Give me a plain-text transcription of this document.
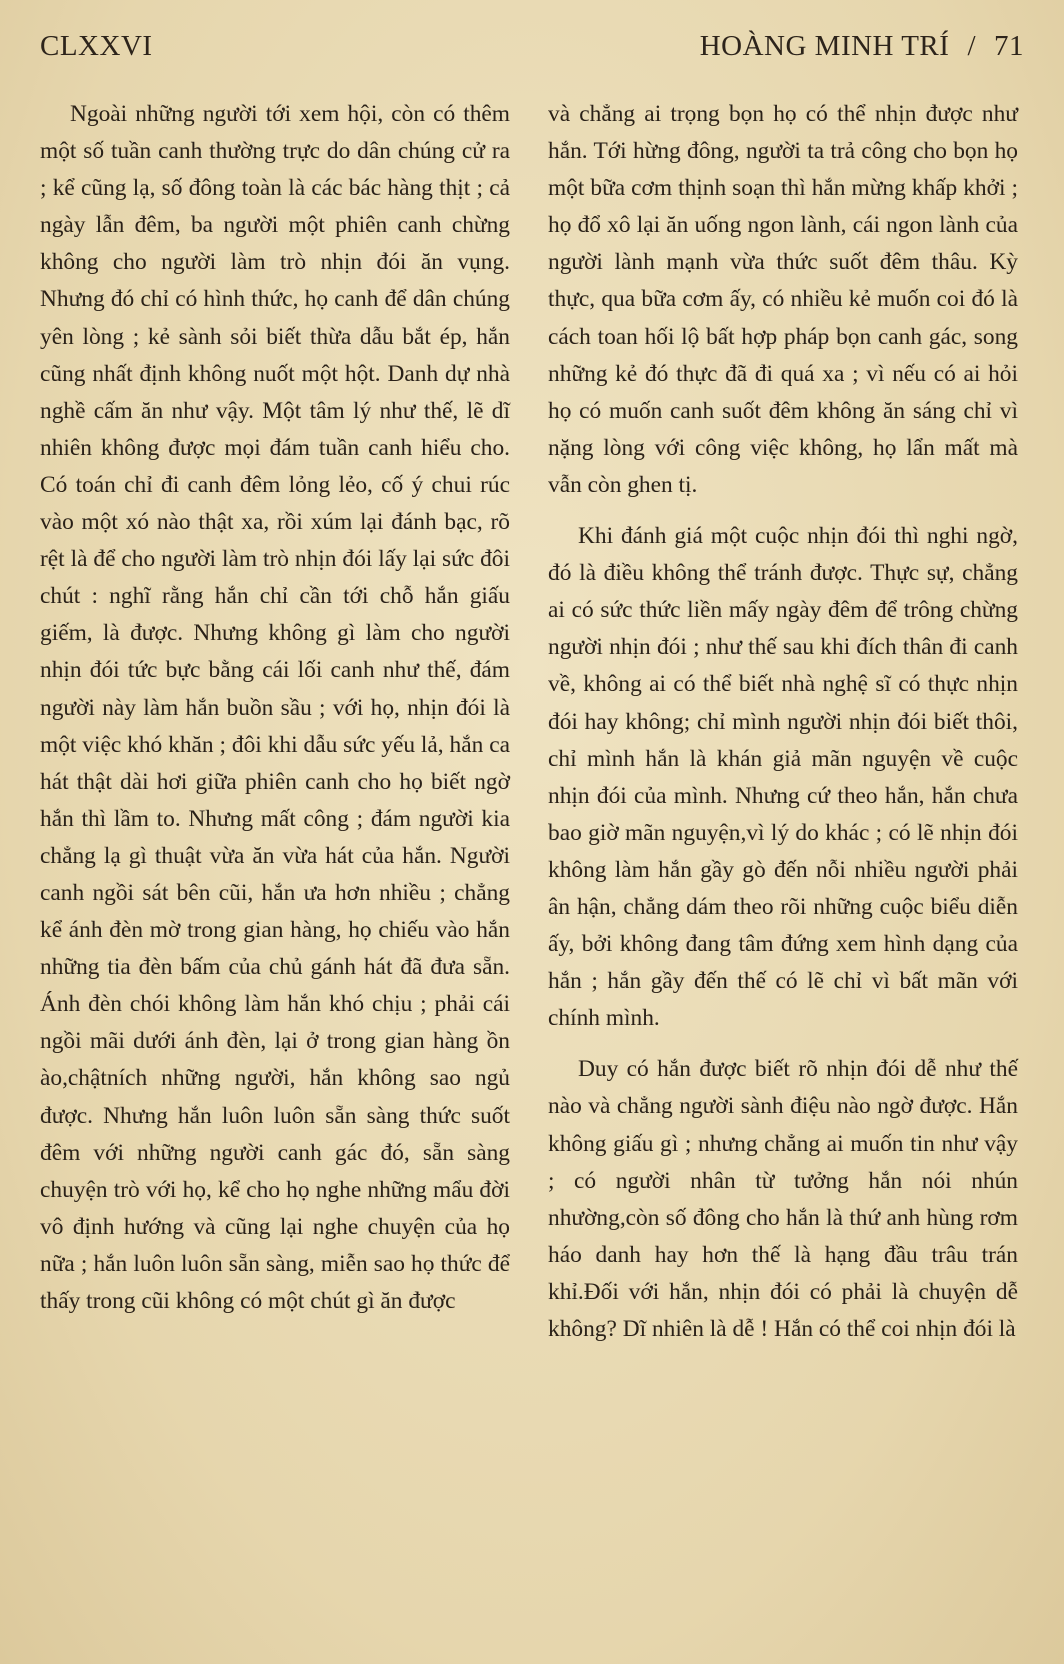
CLXXVI	HOÀNG MINH TRÍ / 71

Ngoài những người tới xem hội, còn có thêm một số tuần canh thường trực do dân chúng cử ra ; kể cũng lạ, số đông toàn là các bác hàng thịt ; cả ngày lẫn đêm, ba người một phiên canh chừng không cho người làm trò nhịn đói ăn vụng. Nhưng đó chỉ có hình thức, họ canh để dân chúng yên lòng ; kẻ sành sỏi biết thừa dẫu bắt ép, hắn cũng nhất định không nuốt một hột. Danh dự nhà nghề cấm ăn như vậy. Một tâm lý như thế, lẽ dĩ nhiên không được mọi đám tuần canh hiểu cho. Có toán chỉ đi canh đêm lỏng lẻo, cố ý chui rúc vào một xó nào thật xa, rồi xúm lại đánh bạc, rõ rệt là để cho người làm trò nhịn đói lấy lại sức đôi chút : nghĩ rằng hắn chỉ cần tới chỗ hắn giấu giếm, là được. Nhưng không gì làm cho người nhịn đói tức bực bằng cái lối canh như thế, đám người này làm hắn buồn sầu ; với họ, nhịn đói là một việc khó khăn ; đôi khi dẫu sức yếu lả, hắn ca hát thật dài hơi giữa phiên canh cho họ biết ngờ hắn thì lầm to. Nhưng mất công ; đám người kia chẳng lạ gì thuật vừa ăn vừa hát của hắn. Người canh ngồi sát bên cũi, hắn ưa hơn nhiều ; chẳng kể ánh đèn mờ trong gian hàng, họ chiếu vào hắn những tia đèn bấm của chủ gánh hát đã đưa sẵn. Ánh đèn chói không làm hắn khó chịu ; phải cái ngồi mãi dưới ánh đèn, lại ở trong gian hàng ồn ào,chậtních những người, hắn không sao ngủ được. Nhưng hắn luôn luôn sẵn sàng thức suốt đêm với những người canh gác đó, sẵn sàng chuyện trò với họ, kể cho họ nghe những mẩu đời vô định hướng và cũng lại nghe chuyện của họ nữa ; hắn luôn luôn sẵn sàng, miễn sao họ thức để thấy trong cũi không có một chút gì ăn được

và chẳng ai trọng bọn họ có thể nhịn được như hắn. Tới hừng đông, người ta trả công cho bọn họ một bữa cơm thịnh soạn thì hắn mừng khấp khởi ; họ đổ xô lại ăn uống ngon lành, cái ngon lành của người lành mạnh vừa thức suốt đêm thâu. Kỳ thực, qua bữa cơm ấy, có nhiều kẻ muốn coi đó là cách toan hối lộ bất hợp pháp bọn canh gác, song những kẻ đó thực đã đi quá xa ; vì nếu có ai hỏi họ có muốn canh suốt đêm không ăn sáng chỉ vì nặng lòng với công việc không, họ lẩn mất mà vẫn còn ghen tị.

Khi đánh giá một cuộc nhịn đói thì nghi ngờ, đó là điều không thể tránh được. Thực sự, chẳng ai có sức thức liền mấy ngày đêm để trông chừng người nhịn đói ; như thế sau khi đích thân đi canh về, không ai có thể biết nhà nghệ sĩ có thực nhịn đói hay không; chỉ mình người nhịn đói biết thôi, chỉ mình hắn là khán giả mãn nguyện về cuộc nhịn đói của mình. Nhưng cứ theo hắn, hắn chưa bao giờ mãn nguyện,vì lý do khác ; có lẽ nhịn đói không làm hắn gầy gò đến nỗi nhiều người phải ân hận, chẳng dám theo rõi những cuộc biểu diễn ấy, bởi không đang tâm đứng xem hình dạng của hắn ; hắn gầy đến thế có lẽ chỉ vì bất mãn với chính mình.

Duy có hắn được biết rõ nhịn đói dễ như thế nào và chẳng người sành điệu nào ngờ được. Hắn không giấu gì ; nhưng chẳng ai muốn tin như vậy ; có người nhân từ tưởng hắn nói nhún nhường,còn số đông cho hắn là thứ anh hùng rơm háo danh hay hơn thế là hạng đầu trâu trán khỉ.Đối với hắn, nhịn đói có phải là chuyện dễ không? Dĩ nhiên là dễ ! Hắn có thể coi nhịn đói là
